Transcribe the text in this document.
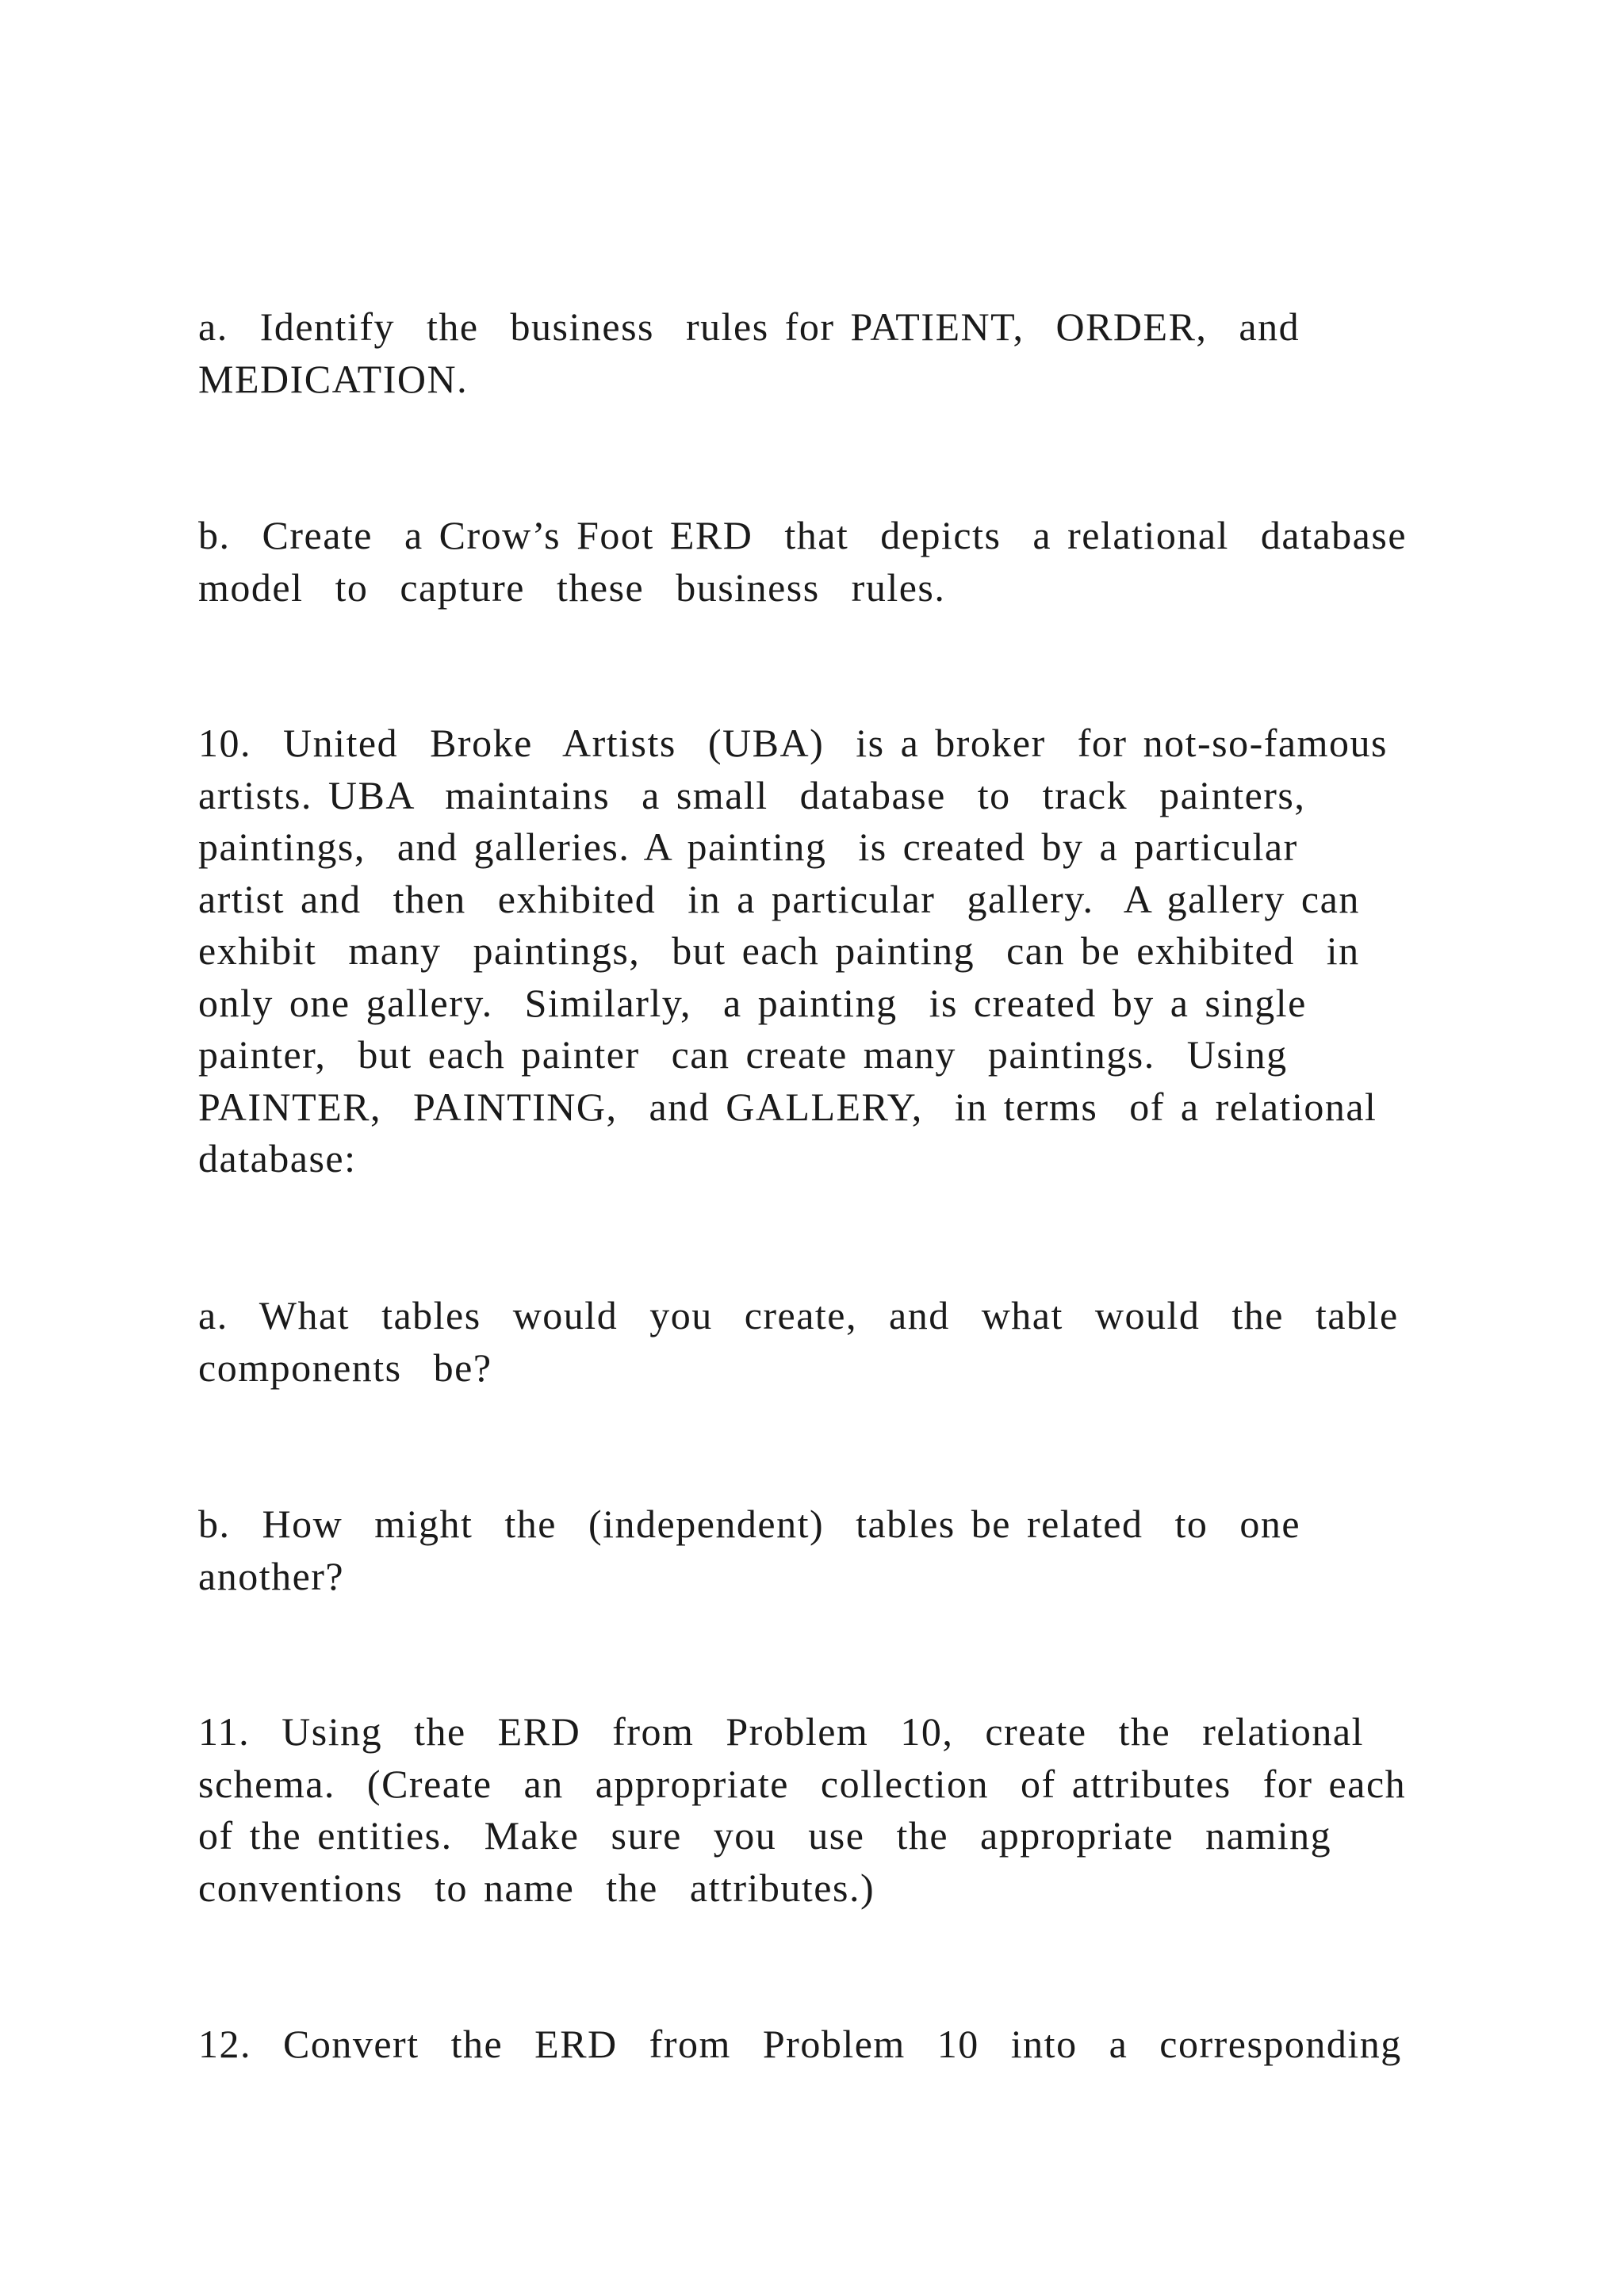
a.  Identify  the  business  rules for PATIENT,  ORDER,  and
MEDICATION.

b.  Create  a Crow’s Foot ERD  that  depicts  a relational  database
model  to  capture  these  business  rules.

10.  United  Broke  Artists  (UBA)  is a broker  for not-so-famous
artists. UBA  maintains  a small  database  to  track  painters,
paintings,  and galleries. A painting  is created by a particular
artist and  then  exhibited  in a particular  gallery.  A gallery can
exhibit  many  paintings,  but each painting  can be exhibited  in
only one gallery.  Similarly,  a painting  is created by a single
painter,  but each painter  can create many  paintings.  Using
PAINTER,  PAINTING,  and GALLERY,  in terms  of a relational
database:

a.  What  tables  would  you  create,  and  what  would  the  table
components  be?

b.  How  might  the  (independent)  tables be related  to  one
another?

11.  Using  the  ERD  from  Problem  10,  create  the  relational
schema.  (Create  an  appropriate  collection  of attributes  for each
of the entities.  Make  sure  you  use  the  appropriate  naming
conventions  to name  the  attributes.)

12.  Convert  the  ERD  from  Problem  10  into  a  corresponding
